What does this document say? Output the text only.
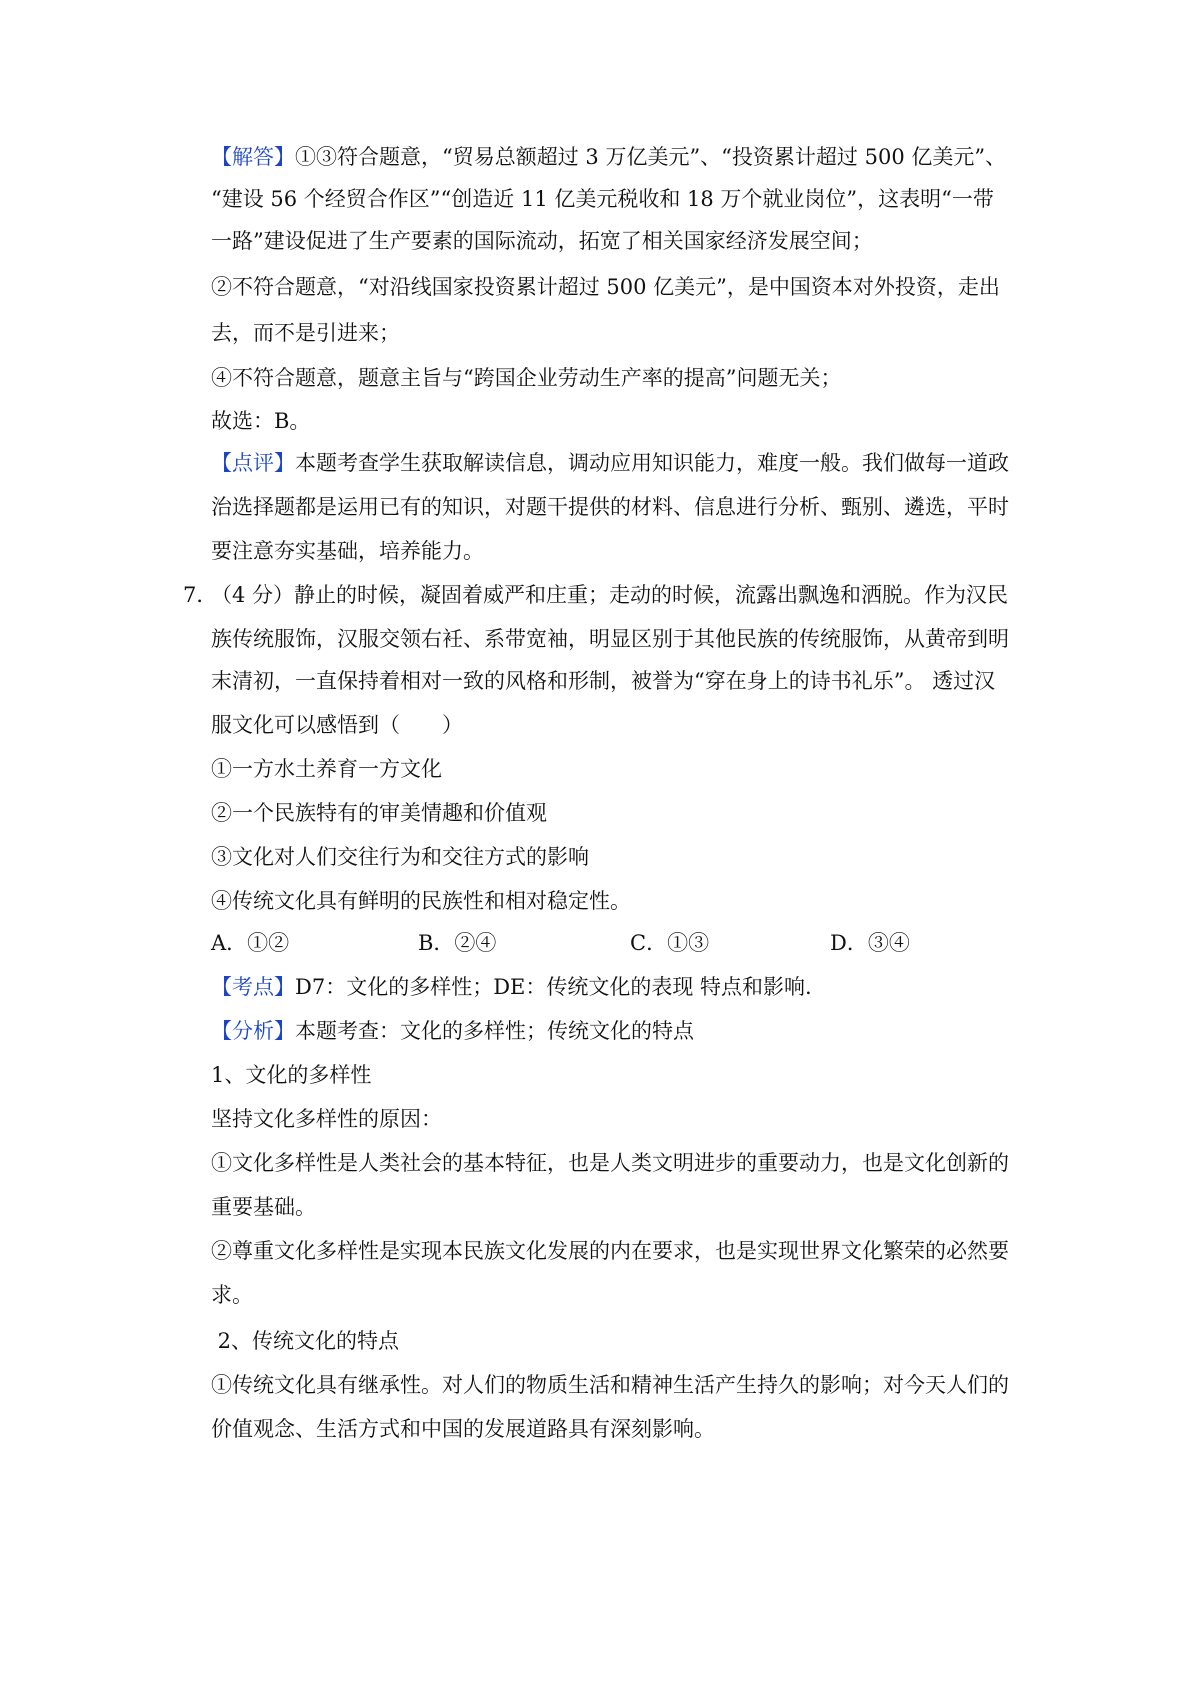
【解答】①③符合题意，“贸易总额超过 3 万亿美元”、“投资累计超过 500 亿美元”、
“建设 56 个经贸合作区”“创造近 11 亿美元税收和 18 万个就业岗位”，这表明“一带
一路”建设促进了生产要素的国际流动，拓宽了相关国家经济发展空间；
②不符合题意，“对沿线国家投资累计超过 500 亿美元”，是中国资本对外投资，走出
去，而不是引进来；
④不符合题意，题意主旨与“跨国企业劳动生产率的提高”问题无关；
故选：B。
【点评】本题考查学生获取解读信息，调动应用知识能力，难度一般。我们做每一道政
治选择题都是运用已有的知识，对题干提供的材料、信息进行分析、甄别、遴选，平时
要注意夯实基础，培养能力。
7．
（4 分）静止的时候，凝固着威严和庄重；走动的时候，流露出飘逸和洒脱。作为汉民
族传统服饰，汉服交领右衽、系带宽袖，明显区别于其他民族的传统服饰，从黄帝到明
末清初，一直保持着相对一致的风格和形制，被誉为“穿在身上的诗书礼乐”。 透过汉
服文化可以感悟到（　　）
①一方水土养育一方文化
②一个民族特有的审美情趣和价值观
③文化对人们交往行为和交往方式的影响
④传统文化具有鲜明的民族性和相对稳定性。
A．①②	B．②④	C．①③	D．③④
【考点】D7：文化的多样性；DE：传统文化的表现 特点和影响.
【分析】本题考查：文化的多样性；传统文化的特点
1、文化的多样性
坚持文化多样性的原因：
①文化多样性是人类社会的基本特征，也是人类文明进步的重要动力，也是文化创新的
重要基础。
②尊重文化多样性是实现本民族文化发展的内在要求，也是实现世界文化繁荣的必然要
求。
2、传统文化的特点
①传统文化具有继承性。对人们的物质生活和精神生活产生持久的影响；对今天人们的
价值观念、生活方式和中国的发展道路具有深刻影响。
